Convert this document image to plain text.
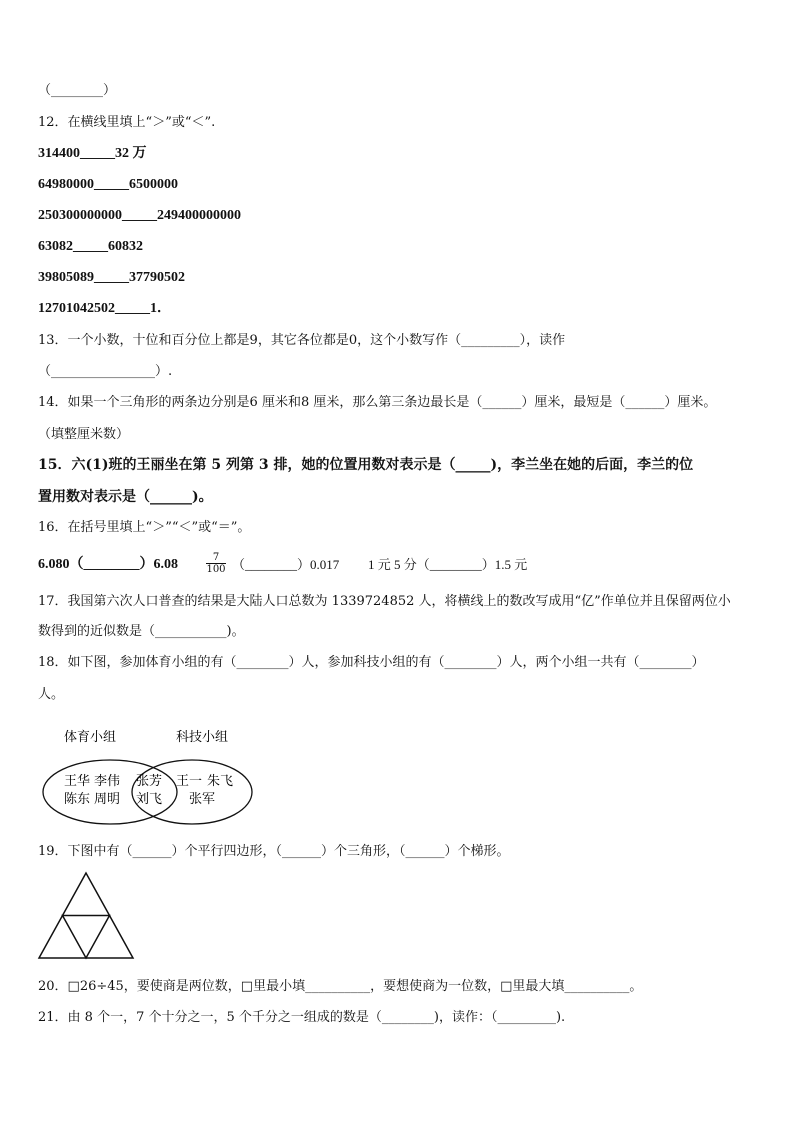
（________）
12．在横线里填上“＞”或“＜”.
314400_____32 万
64980000_____6500000
250300000000_____249400000000
63082_____60832
39805089_____37790502
12701042502_____1．
13．一个小数，十位和百分位上都是9，其它各位都是0，这个小数写作（_________），读作
（________________）.
14．如果一个三角形的两条边分别是6 厘米和8 厘米，那么第三条边最长是（______）厘米，最短是（______）厘米。
（填整厘米数）
15．六(1)班的王丽坐在第 5 列第 3 排，她的位置用数对表示是（_____)，李兰坐在她的后面，李兰的位
置用数对表示是（______)。
16．在括号里填上“＞”“＜”或“＝”。
6.080（________）6.08	$\frac{7}{100}$ （________）0.017 1 元 5 分（________）1.5 元
17．我国第六次人口普查的结果是大陆人口总数为 1339724852 人，将横线上的数改写成用“亿”作单位并且保留两位小
数得到的近似数是（___________)。
18．如下图，参加体育小组的有（________）人，参加科技小组的有（________）人，两个小组一共有（________）
人。
体育小组	科技小组
王华 李伟
陈东 周明
张芳
刘飞
王一 朱飞
张军
19．下图中有（______）个平行四边形，（______）个三角形，（______）个梯形。
20．□26÷45，要使商是两位数，□里最小填__________，要想使商为一位数，□里最大填__________。
21．由 8 个一，7 个十分之一，5 个千分之一组成的数是（________)，读作：（_________).
